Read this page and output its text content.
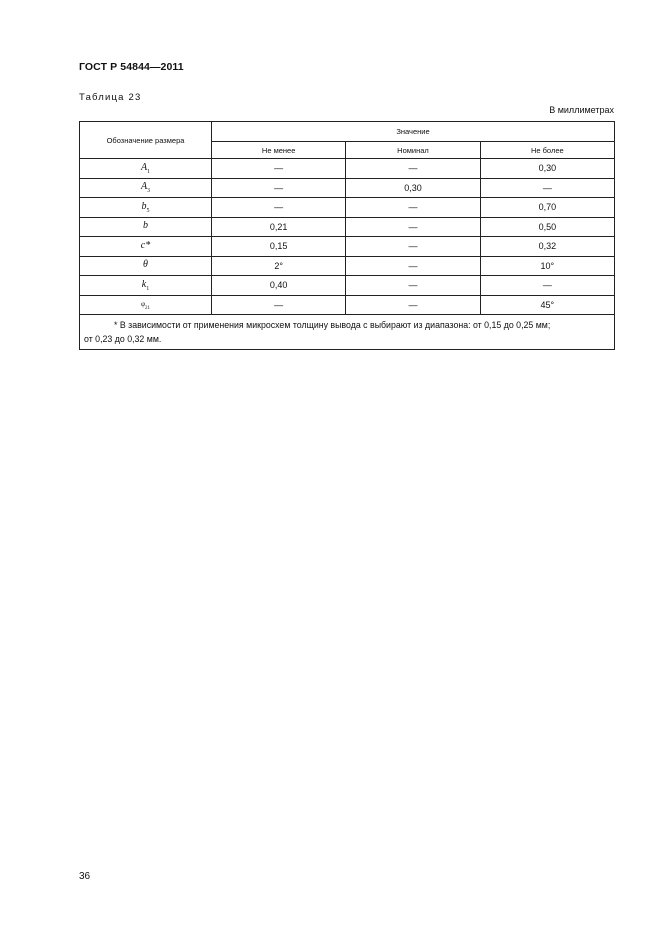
ГОСТ Р 54844—2011
Таблица 23
В миллиметрах
Обозначение размера	Значение		
	Не менее	Номинал	Не более
$A_1$	—	—	0,30
$A_3$	—	0,30	—
$b_5$	—	—	0,70
b	0,21	—	0,50
c*	0,15	—	0,32
θ	2°	—	10°
$k_1$	0,40	—	—
$\varphi_{21}$	—	—	45°

* В зависимости от применения микросхем толщину вывода c выбирают из диапазона: от 0,15 до 0,25 мм;
от 0,23 до 0,32 мм.			
36
